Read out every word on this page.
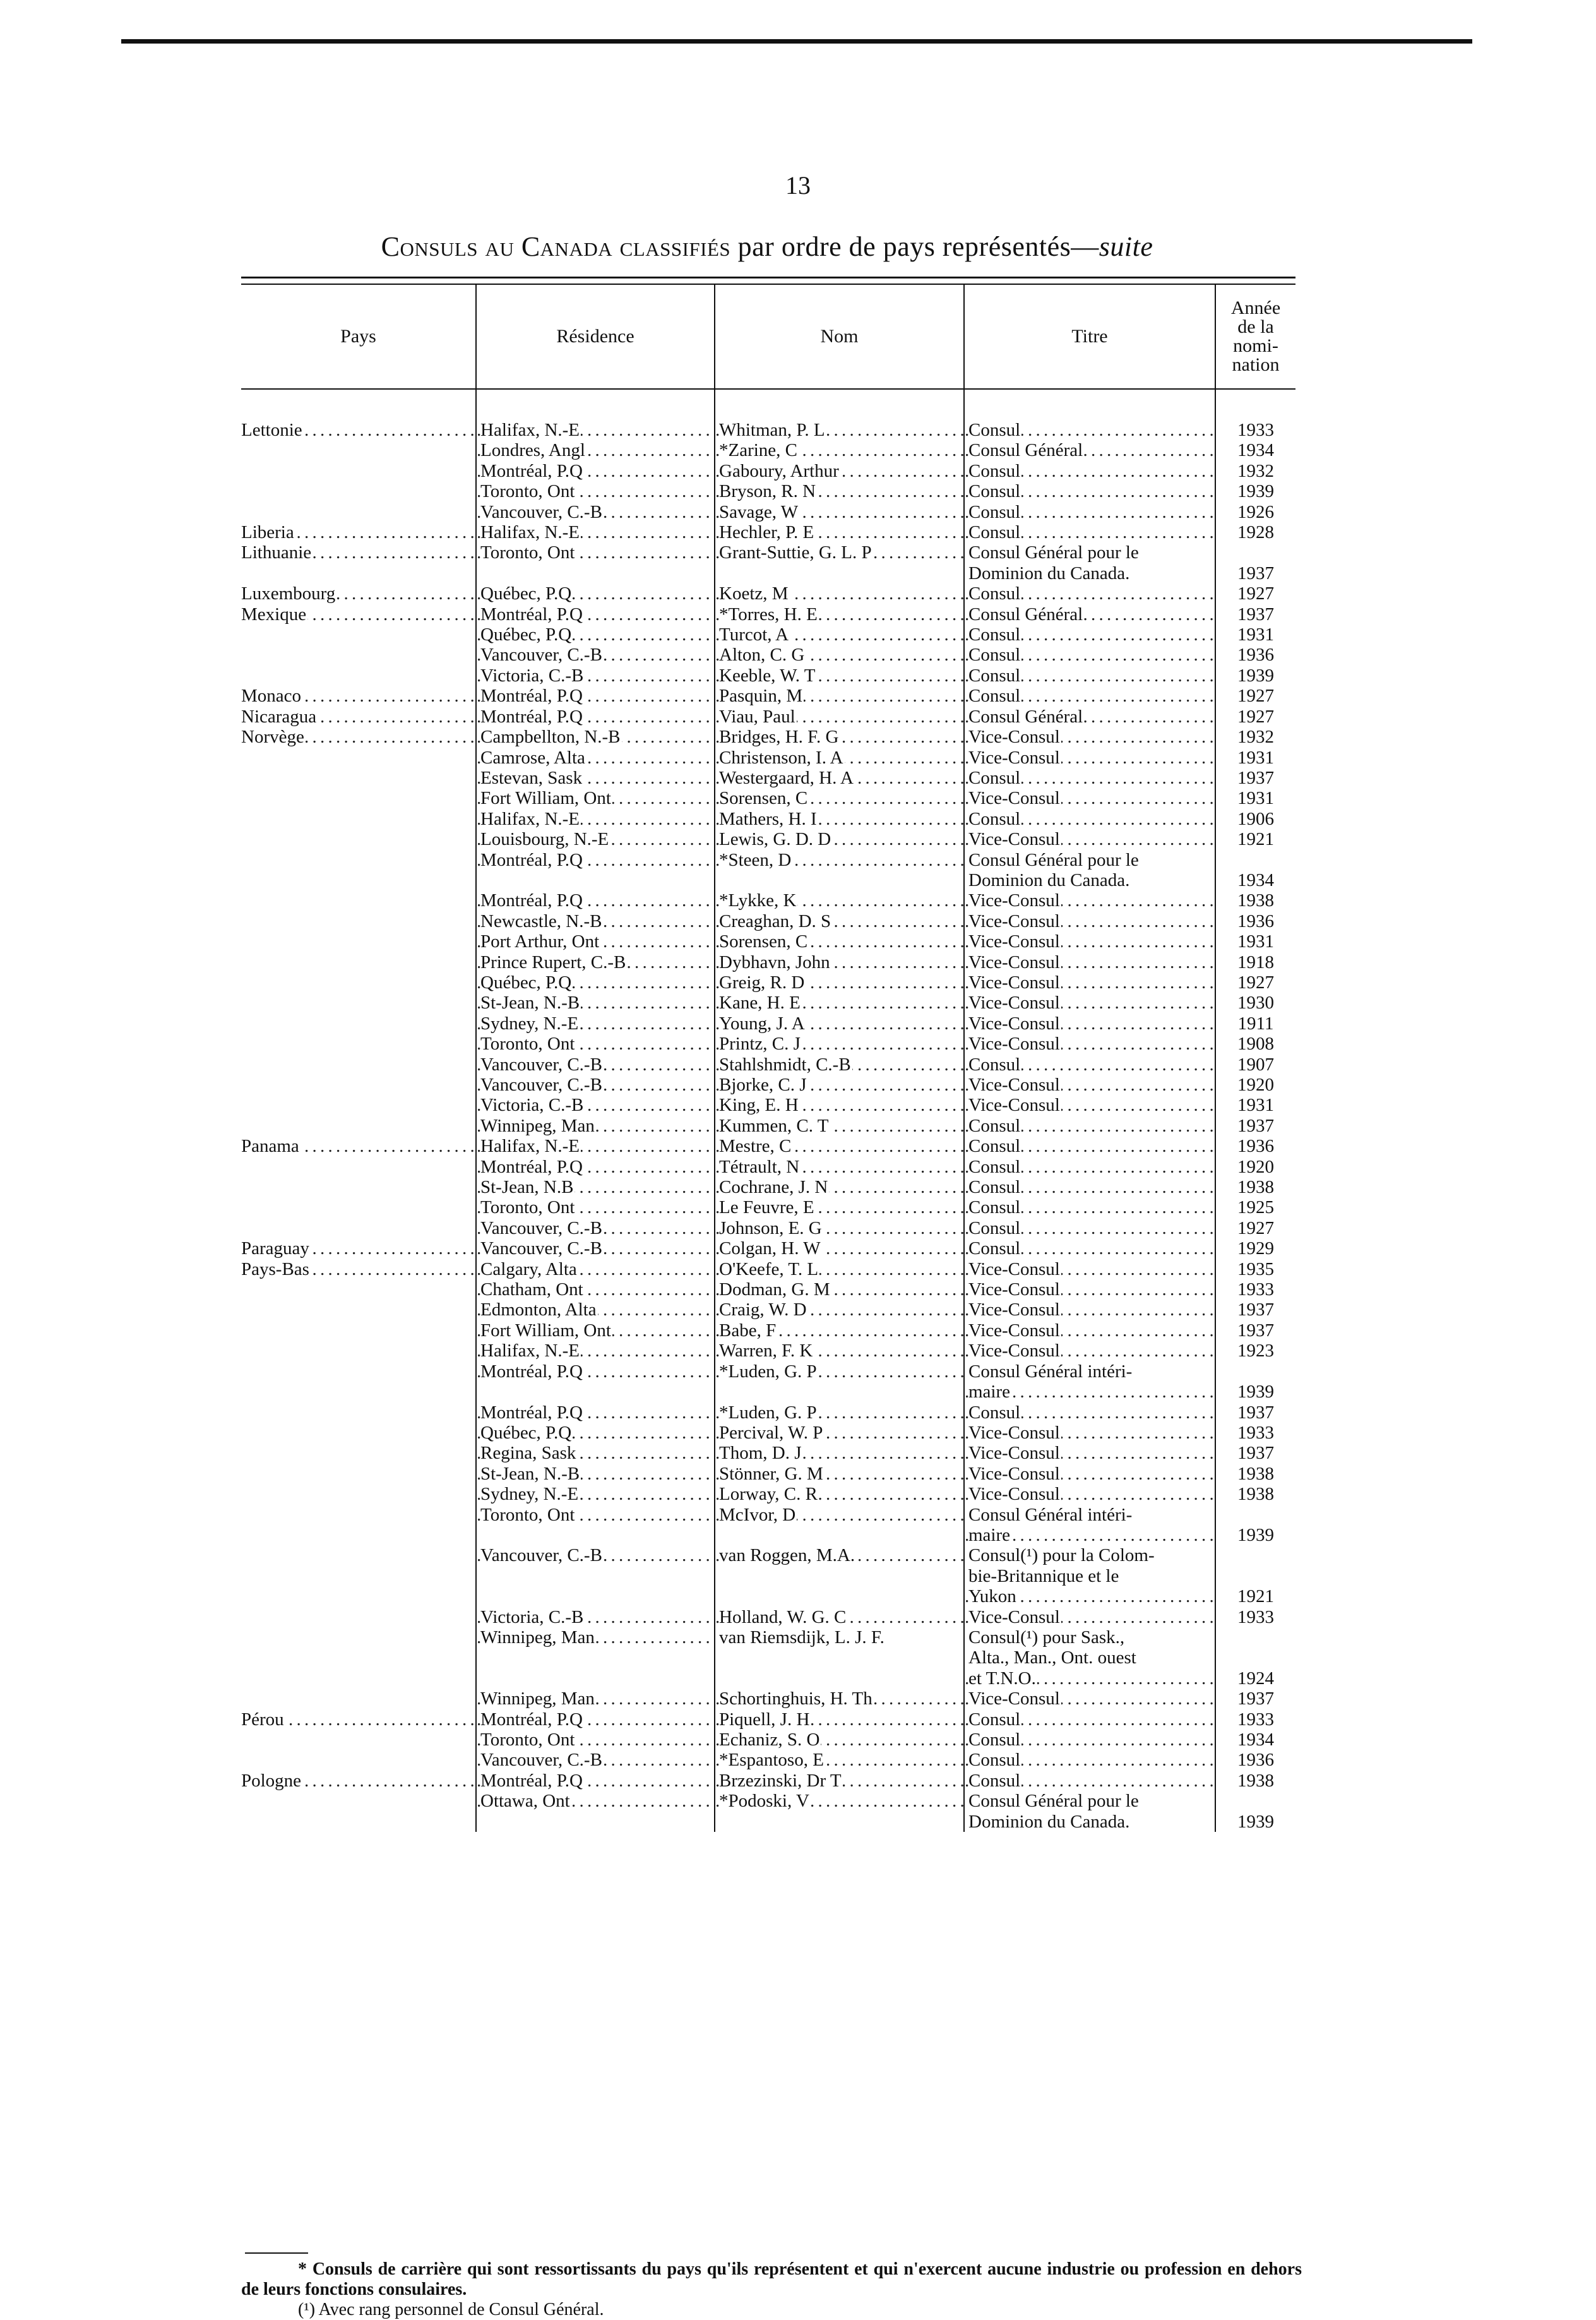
13
Consuls au Canada classifiés par ordre de pays représentés—suite
Pays	Résidence	Nom	Titre	Année
de la
nomi-
nation

Lettonie . . .	Halifax, N.-E . . .	Whitman, P. L . . .	Consul . . .	1933
	Londres, Angl . . .	*Zarine, C . . .	Consul Général . . .	1934
	Montréal, P.Q . . .	Gaboury, Arthur . . .	Consul . . .	1932
	Toronto, Ont . . .	Bryson, R. N . . .	Consul . . .	1939
	Vancouver, C.-B . . .	Savage, W . . .	Consul . . .	1926
Liberia . . .	Halifax, N.-E . . .	Hechler, P. E . . .	Consul . . .	1928
Lithuanie . . .	Toronto, Ont . . .	Grant-Suttie, G. L. P . . .	Consul Général pour le	
			Dominion du Canada.	1937
Luxembourg . . .	Québec, P.Q . . .	Koetz, M . . .	Consul . . .	1927
Mexique . . .	Montréal, P.Q . . .	*Torres, H. E . . .	Consul Général . . .	1937
	Québec, P.Q . . .	Turcot, A . . .	Consul . . .	1931
	Vancouver, C.-B . . .	Alton, C. G . . .	Consul . . .	1936
	Victoria, C.-B . . .	Keeble, W. T . . .	Consul . . .	1939
Monaco . . .	Montréal, P.Q . . .	Pasquin, M . . .	Consul . . .	1927
Nicaragua . . .	Montréal, P.Q . . .	Viau, Paul . . .	Consul Général . . .	1927
Norvège . . .	Campbellton, N.-B . . .	Bridges, H. F. G . . .	Vice-Consul . . .	1932
	Camrose, Alta . . .	Christenson, I. A . . .	Vice-Consul . . .	1931
	Estevan, Sask . . .	Westergaard, H. A . . .	Consul . . .	1937
	Fort William, Ont . . .	Sorensen, C . . .	Vice-Consul . . .	1931
	Halifax, N.-E . . .	Mathers, H. I . . .	Consul . . .	1906
	Louisbourg, N.-E . . .	Lewis, G. D. D . . .	Vice-Consul . . .	1921
	Montréal, P.Q . . .	*Steen, D . . .	Consul Général pour le	
			Dominion du Canada.	1934
	Montréal, P.Q . . .	*Lykke, K . . .	Vice-Consul . . .	1938
	Newcastle, N.-B . . .	Creaghan, D. S . . .	Vice-Consul . . .	1936
	Port Arthur, Ont . . .	Sorensen, C . . .	Vice-Consul . . .	1931
	Prince Rupert, C.-B . . .	Dybhavn, John . . .	Vice-Consul . . .	1918
	Québec, P.Q . . .	Greig, R. D . . .	Vice-Consul . . .	1927
	St-Jean, N.-B . . .	Kane, H. E . . .	Vice-Consul . . .	1930
	Sydney, N.-E . . .	Young, J. A . . .	Vice-Consul . . .	1911
	Toronto, Ont . . .	Printz, C. J . . .	Vice-Consul . . .	1908
	Vancouver, C.-B . . .	Stahlshmidt, C.-B . . .	Consul . . .	1907
	Vancouver, C.-B . . .	Bjorke, C. J . . .	Vice-Consul . . .	1920
	Victoria, C.-B . . .	King, E. H . . .	Vice-Consul . . .	1931
	Winnipeg, Man . . .	Kummen, C. T . . .	Consul . . .	1937
Panama . . .	Halifax, N.-E . . .	Mestre, C . . .	Consul . . .	1936
	Montréal, P.Q . . .	Tétrault, N . . .	Consul . . .	1920
	St-Jean, N.B . . .	Cochrane, J. N . . .	Consul . . .	1938
	Toronto, Ont . . .	Le Feuvre, E . . .	Consul . . .	1925
	Vancouver, C.-B . . .	Johnson, E. G . . .	Consul . . .	1927
Paraguay . . .	Vancouver, C.-B . . .	Colgan, H. W . . .	Consul . . .	1929
Pays-Bas . . .	Calgary, Alta . . .	O'Keefe, T. L . . .	Vice-Consul . . .	1935
	Chatham, Ont . . .	Dodman, G. M . . .	Vice-Consul . . .	1933
	Edmonton, Alta . . .	Craig, W. D . . .	Vice-Consul . . .	1937
	Fort William, Ont . . .	Babe, F . . .	Vice-Consul . . .	1937
	Halifax, N.-E . . .	Warren, F. K . . .	Vice-Consul . . .	1923
	Montréal, P.Q . . .	*Luden, G. P . . .	Consul Général intéri-	
			maire . . .	1939
	Montréal, P.Q . . .	*Luden, G. P . . .	Consul . . .	1937
	Québec, P.Q . . .	Percival, W. P . . .	Vice-Consul . . .	1933
	Regina, Sask . . .	Thom, D. J . . .	Vice-Consul . . .	1937
	St-Jean, N.-B . . .	Stönner, G. M . . .	Vice-Consul . . .	1938
	Sydney, N.-E . . .	Lorway, C. R . . .	Vice-Consul . . .	1938
	Toronto, Ont . . .	McIvor, D . . .	Consul Général intéri-	
			maire . . .	1939
	Vancouver, C.-B . . .	van Roggen, M.A. . . .	Consul(¹) pour la Colom-	
			bie-Britannique et le	
			Yukon . . .	1921
	Victoria, C.-B . . .	Holland, W. G. C . . .	Vice-Consul . . .	1933
	Winnipeg, Man . . .	van Riemsdijk, L. J. F.	Consul(¹) pour Sask.,	
			Alta., Man., Ont. ouest	
			et T.N.O. . . .	1924
	Winnipeg, Man . . .	Schortinghuis, H. Th . . .	Vice-Consul . . .	1937
Pérou . . .	Montréal, P.Q . . .	Piquell, J. H . . .	Consul . . .	1933
	Toronto, Ont . . .	Echaniz, S. O . . .	Consul . . .	1934
	Vancouver, C.-B . . .	*Espantoso, E . . .	Consul . . .	1936
Pologne . . .	Montréal, P.Q . . .	Brzezinski, Dr T . . .	Consul . . .	1938
	Ottawa, Ont . . .	*Podoski, V . . .	Consul Général pour le	
			Dominion du Canada.	1939

* Consuls de carrière qui sont ressortissants du pays qu'ils représentent et qui n'exercent aucune industrie ou profession en dehors de leurs fonctions consulaires.

(¹) Avec rang personnel de Consul Général.
